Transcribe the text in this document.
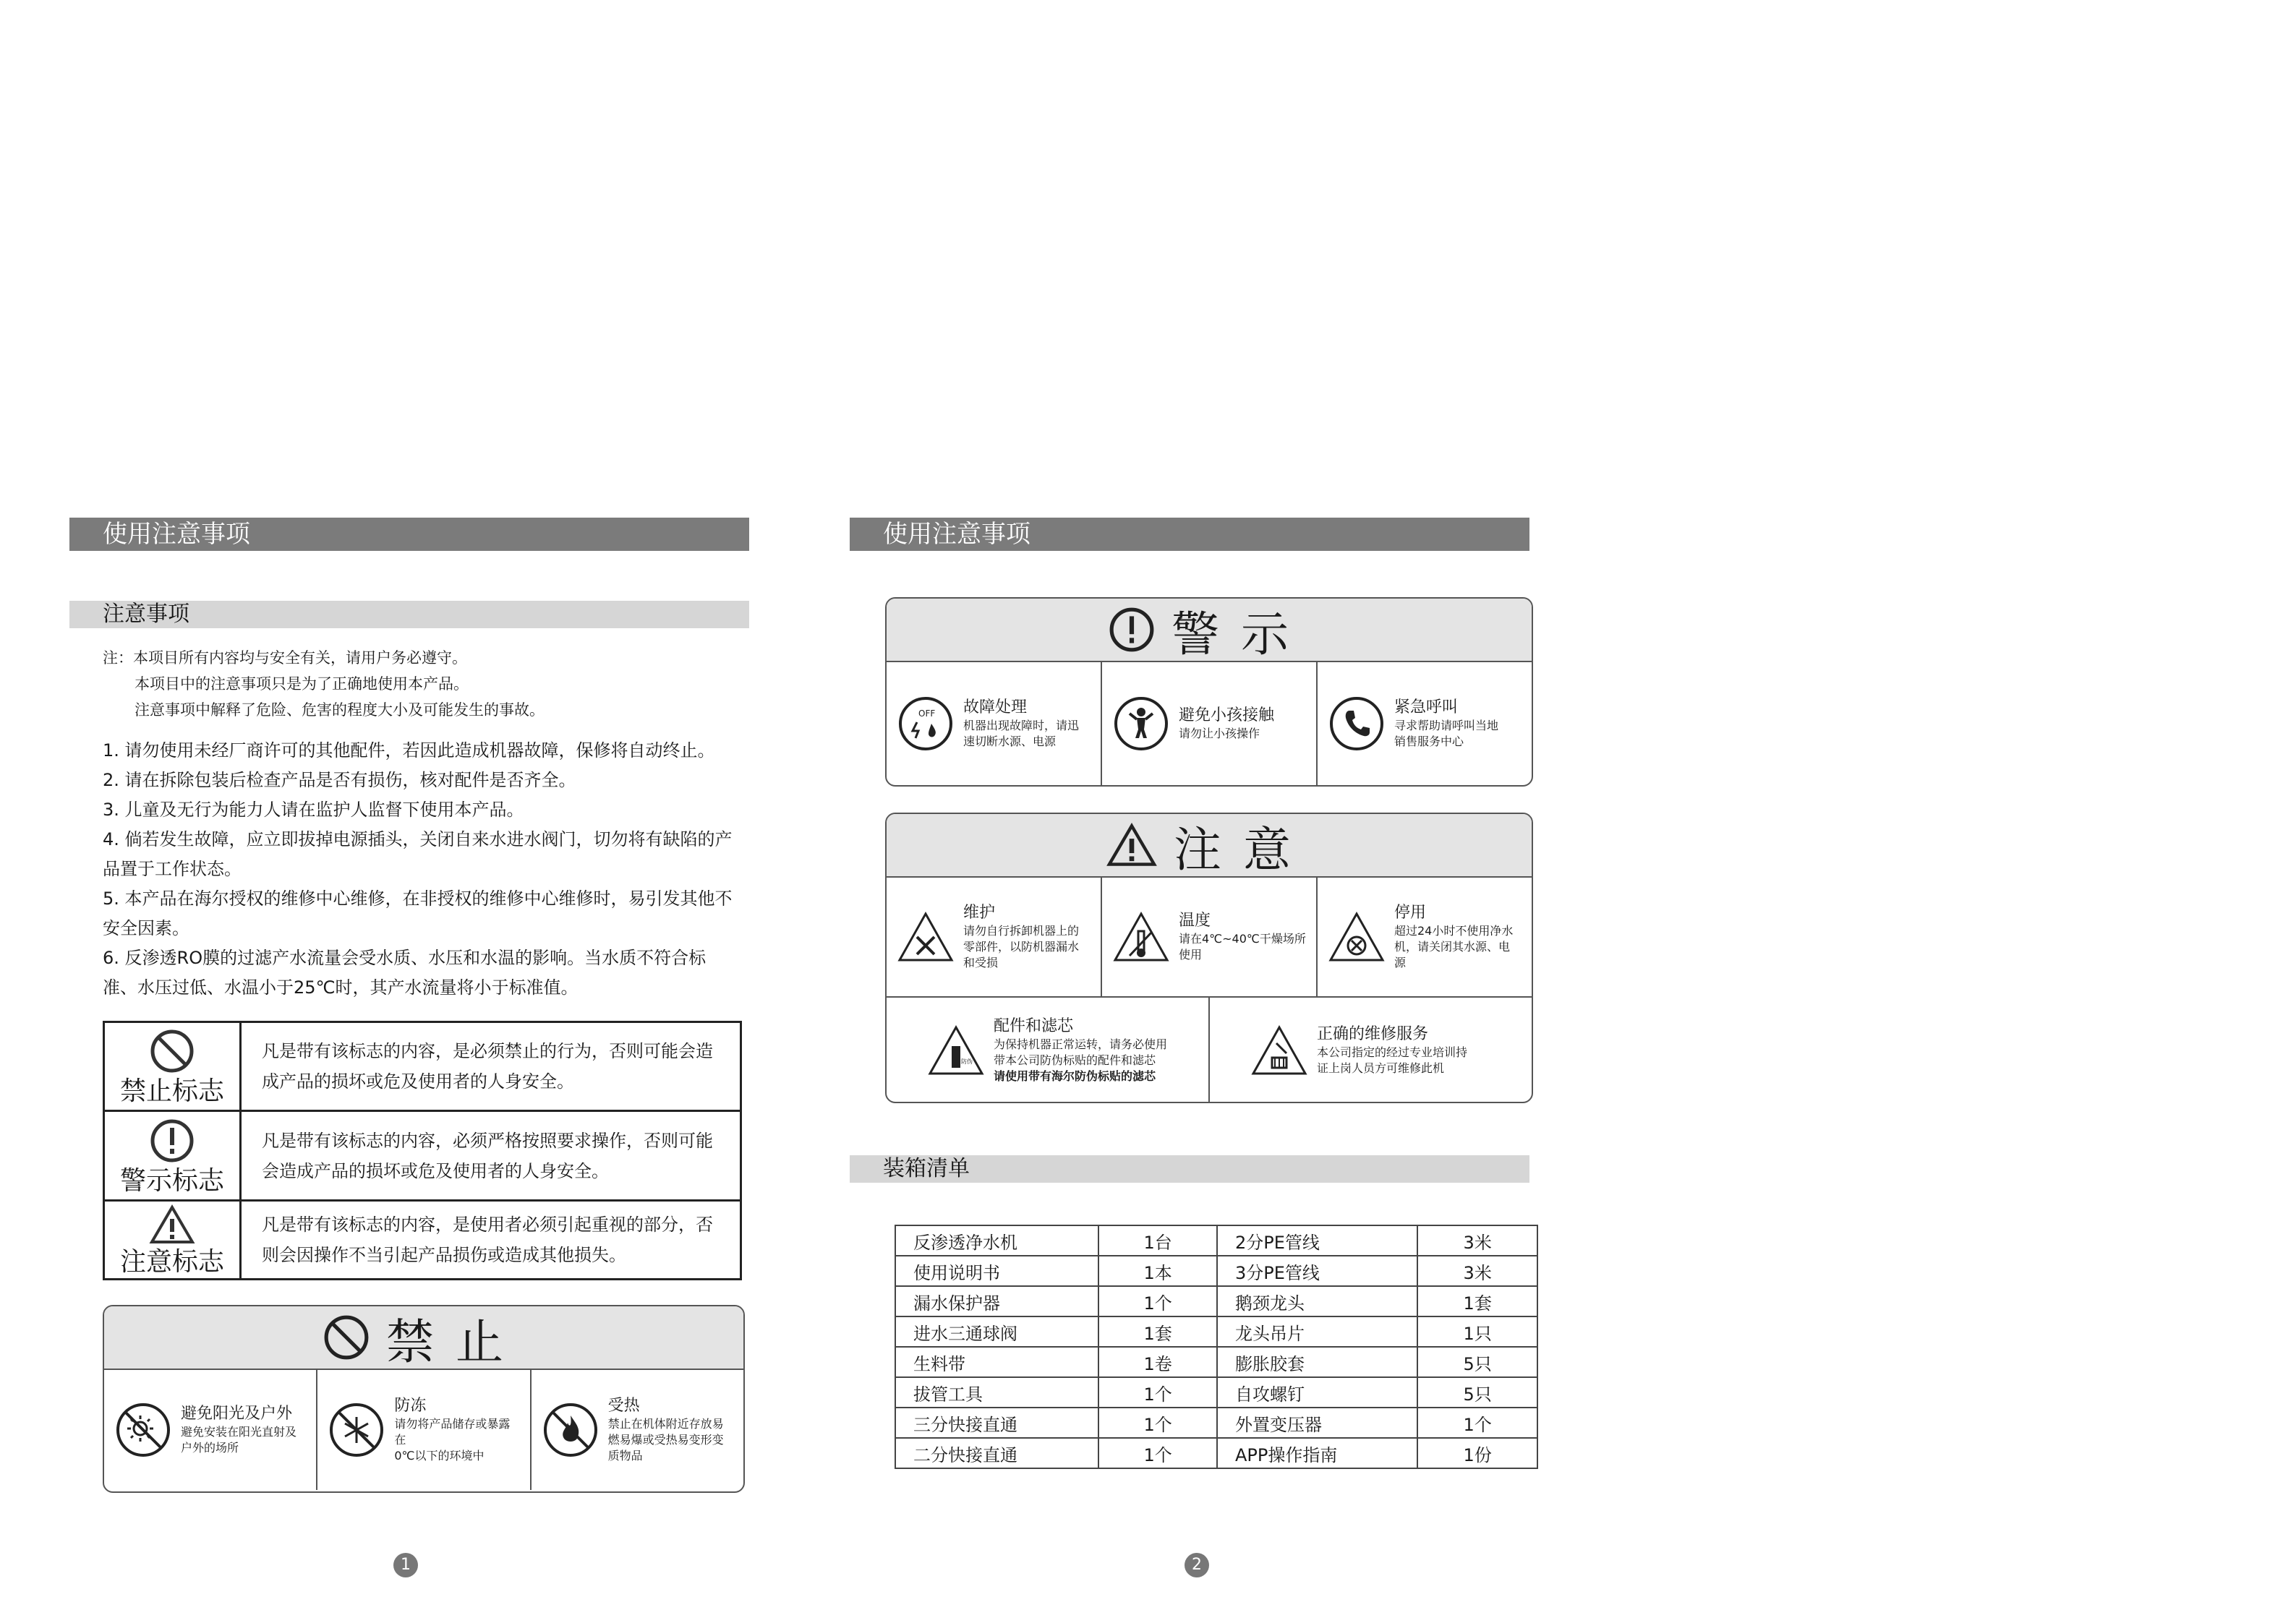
使用注意事项
注意事项
注：本项目所有内容均与安全有关，请用户务必遵守。
本项目中的注意事项只是为了正确地使用本产品。
注意事项中解释了危险、危害的程度大小及可能发生的事故。
1. 请勿使用未经厂商许可的其他配件，若因此造成机器故障，保修将自动终止。
2. 请在拆除包装后检查产品是否有损伤，核对配件是否齐全。
3. 儿童及无行为能力人请在监护人监督下使用本产品。
4. 倘若发生故障，应立即拔掉电源插头，关闭自来水进水阀门，切勿将有缺陷的产
品置于工作状态。
5. 本产品在海尔授权的维修中心维修，在非授权的维修中心维修时，易引发其他不
安全因素。
6. 反渗透RO膜的过滤产水流量会受水质、水压和水温的影响。当水质不符合标
准、水压过低、水温小于25℃时，其产水流量将小于标准值。
禁止标志	凡是带有该标志的内容，是必须禁止的行为，否则可能会造
成产品的损坏或危及使用者的人身安全。

警示标志	凡是带有该标志的内容，必须严格按照要求操作，否则可能
会造成产品的损坏或危及使用者的人身安全。

注意标志	凡是带有该标志的内容，是使用者必须引起重视的部分，否
则会因操作不当引起产品损伤或造成其他损失。
禁止
避免阳光及户外
避免安装在阳光直射及
户外的场所
防冻
请勿将产品储存或暴露在
0℃以下的环境中
受热
禁止在机体附近存放易
燃易爆或受热易变形变
质物品
1
使用注意事项
警示
OFF 故障处理
机器出现故障时，请迅
速切断水源、电源
避免小孩接触
请勿让小孩操作
紧急呼叫
寻求帮助请呼叫当地
销售服务中心
注意
维护
请勿自行拆卸机器上的
零部件，以防机器漏水
和受损
温度
请在4℃~40℃干燥场所
使用
停用
超过24小时不使用净水
机，请关闭其水源、电
源
防伪
配件和滤芯
为保持机器正常运转，请务必使用
带本公司防伪标贴的配件和滤芯
请使用带有海尔防伪标贴的滤芯
正确的维修服务
本公司指定的经过专业培训持
证上岗人员方可维修此机
装箱清单
反渗透净水机	1台	2分PE管线	3米
使用说明书	1本	3分PE管线	3米
漏水保护器	1个	鹅颈龙头	1套
进水三通球阀	1套	龙头吊片	1只
生料带	1卷	膨胀胶套	5只
拔管工具	1个	自攻螺钉	5只
三分快接直通	1个	外置变压器	1个
二分快接直通	1个	APP操作指南	1份
2
